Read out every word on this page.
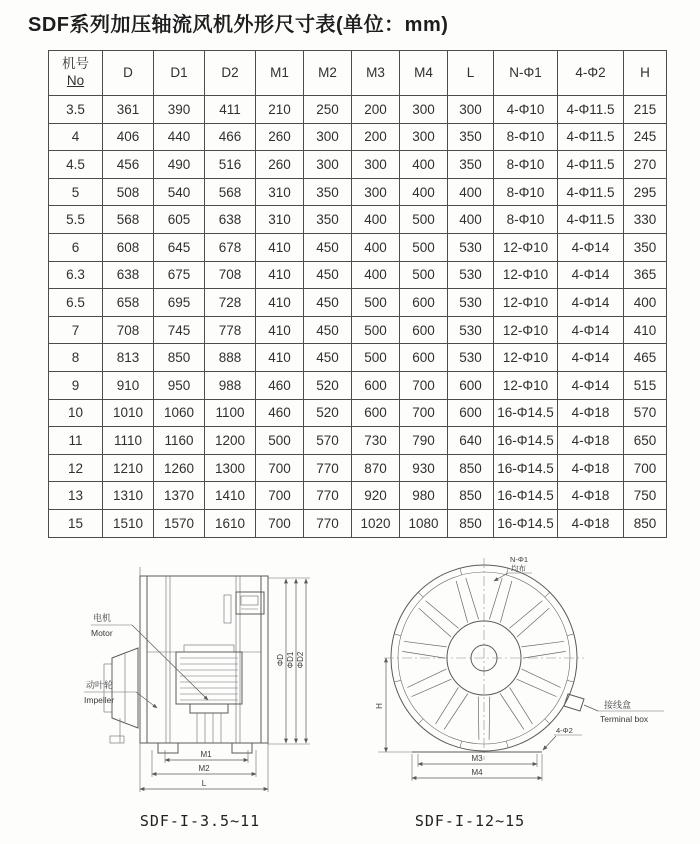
SDF系列加压轴流风机外形尺寸表(单位：mm)
机号
No	D	D1	D2	M1	M2	M3	M4	L	N-Φ1	4-Φ2	H
3.5	361	390	411	210	250	200	300	300	4-Φ10	4-Φ11.5	215
4	406	440	466	260	300	200	300	350	8-Φ10	4-Φ11.5	245
4.5	456	490	516	260	300	300	400	350	8-Φ10	4-Φ11.5	270
5	508	540	568	310	350	300	400	400	8-Φ10	4-Φ11.5	295
5.5	568	605	638	310	350	400	500	400	8-Φ10	4-Φ11.5	330
6	608	645	678	410	450	400	500	530	12-Φ10	4-Φ14	350
6.3	638	675	708	410	450	400	500	530	12-Φ10	4-Φ14	365
6.5	658	695	728	410	450	500	600	530	12-Φ10	4-Φ14	400
7	708	745	778	410	450	500	600	530	12-Φ10	4-Φ14	410
8	813	850	888	410	450	500	600	530	12-Φ10	4-Φ14	465
9	910	950	988	460	520	600	700	600	12-Φ10	4-Φ14	515
10	1010	1060	1100	460	520	600	700	600	16-Φ14.5	4-Φ18	570
11	1110	1160	1200	500	570	730	790	640	16-Φ14.5	4-Φ18	650
12	1210	1260	1300	700	770	870	930	850	16-Φ14.5	4-Φ18	700
13	1310	1370	1410	700	770	920	980	850	16-Φ14.5	4-Φ18	750
15	1510	1570	1610	700	770	1020	1080	850	16-Φ14.5	4-Φ18	850
ΦD ΦD1 ΦD2
M1
M2
L
电机
Motor
动叶轮
Impeller	接线盒
Terminal box
N-Φ1
均布
H
M3
M4
4-Φ2
SDF-I-3.5~11	SDF-I-12~15
